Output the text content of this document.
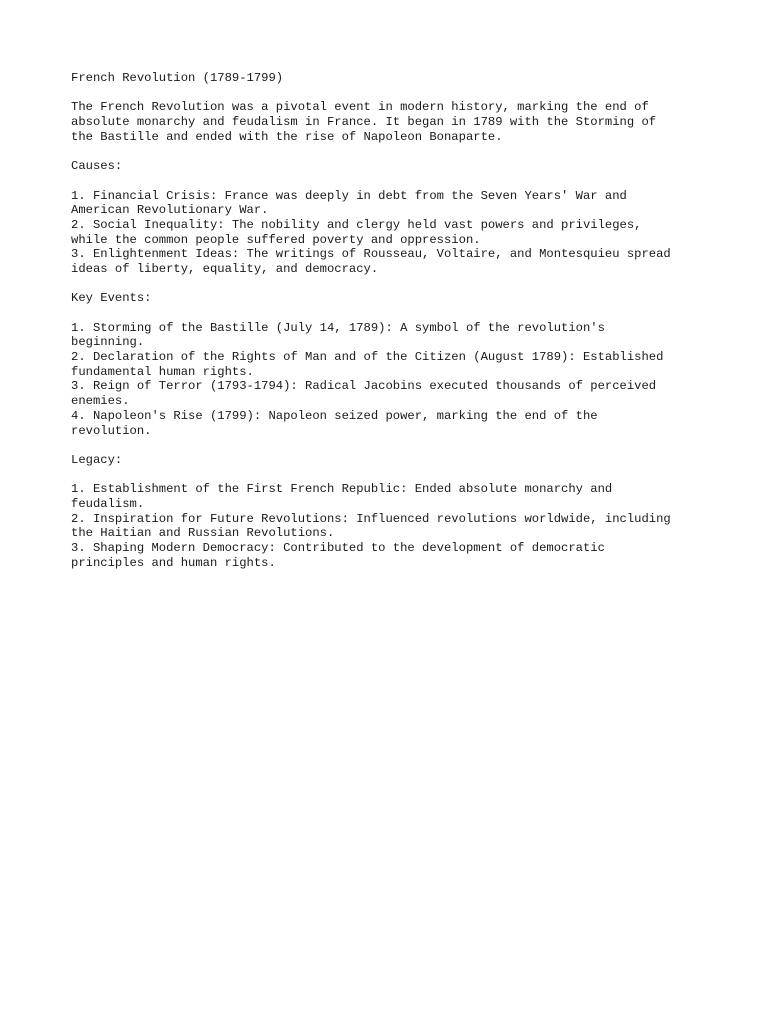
French Revolution (1789-1799)
The French Revolution was a pivotal event in modern history, marking the end of
absolute monarchy and feudalism in France. It began in 1789 with the Storming of
the Bastille and ended with the rise of Napoleon Bonaparte.
Causes:
1. Financial Crisis: France was deeply in debt from the Seven Years' War and
American Revolutionary War.
2. Social Inequality: The nobility and clergy held vast powers and privileges,
while the common people suffered poverty and oppression.
3. Enlightenment Ideas: The writings of Rousseau, Voltaire, and Montesquieu spread
ideas of liberty, equality, and democracy.
Key Events:
1. Storming of the Bastille (July 14, 1789): A symbol of the revolution's
beginning.
2. Declaration of the Rights of Man and of the Citizen (August 1789): Established
fundamental human rights.
3. Reign of Terror (1793-1794): Radical Jacobins executed thousands of perceived
enemies.
4. Napoleon's Rise (1799): Napoleon seized power, marking the end of the
revolution.
Legacy:
1. Establishment of the First French Republic: Ended absolute monarchy and
feudalism.
2. Inspiration for Future Revolutions: Influenced revolutions worldwide, including
the Haitian and Russian Revolutions.
3. Shaping Modern Democracy: Contributed to the development of democratic
principles and human rights.
